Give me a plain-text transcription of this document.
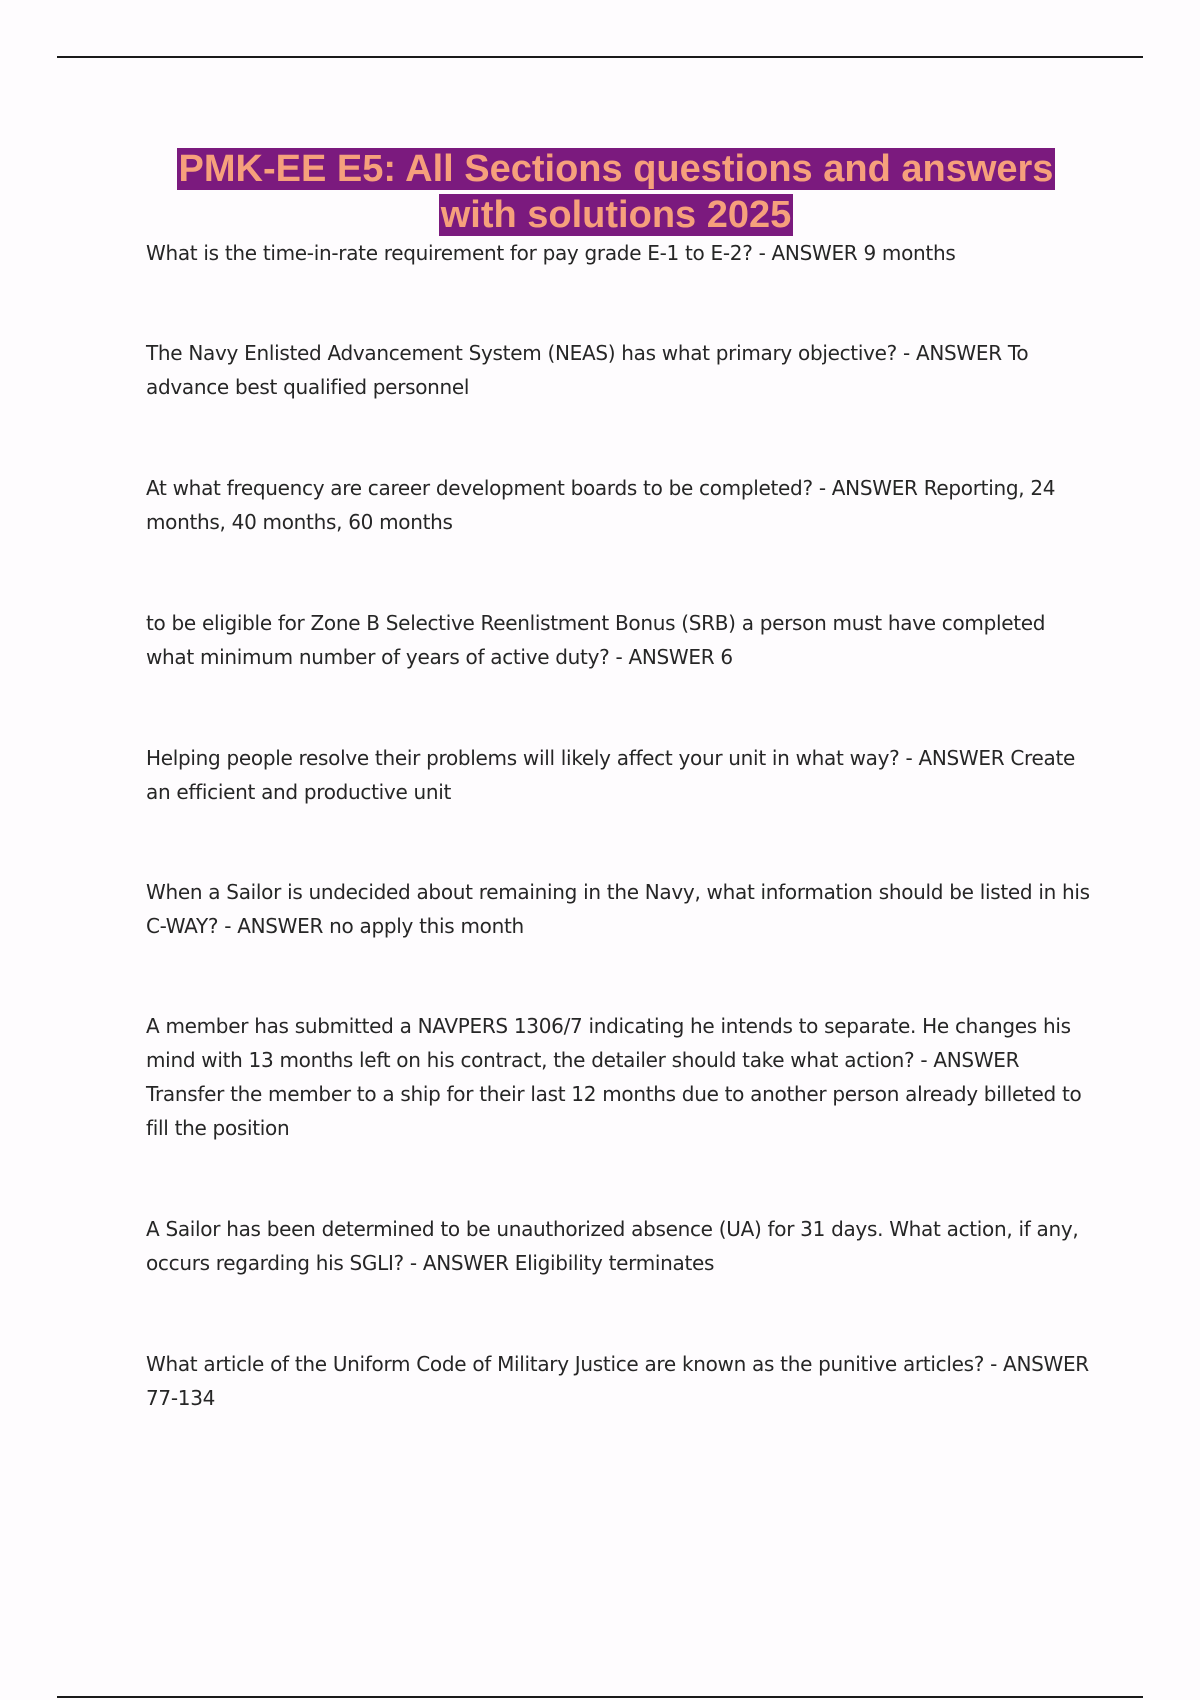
PMK-EE E5: All Sections questions and answers
with solutions 2025
What is the time-in-rate requirement for pay grade E-1 to E-2? - ANSWER 9 months
The Navy Enlisted Advancement System (NEAS) has what primary objective? - ANSWER To advance best qualified personnel
At what frequency are career development boards to be completed? - ANSWER Reporting, 24 months, 40 months, 60 months
to be eligible for Zone B Selective Reenlistment Bonus (SRB) a person must have completed what minimum number of years of active duty? - ANSWER 6
Helping people resolve their problems will likely affect your unit in what way? - ANSWER Create an efficient and productive unit
When a Sailor is undecided about remaining in the Navy, what information should be listed in his C-WAY? - ANSWER no apply this month
A member has submitted a NAVPERS 1306/7 indicating he intends to separate. He changes his mind with 13 months left on his contract, the detailer should take what action? - ANSWER Transfer the member to a ship for their last 12 months due to another person already billeted to fill the position
A Sailor has been determined to be unauthorized absence (UA) for 31 days. What action, if any, occurs regarding his SGLI? - ANSWER Eligibility terminates
What article of the Uniform Code of Military Justice are known as the punitive articles? - ANSWER 77-134
